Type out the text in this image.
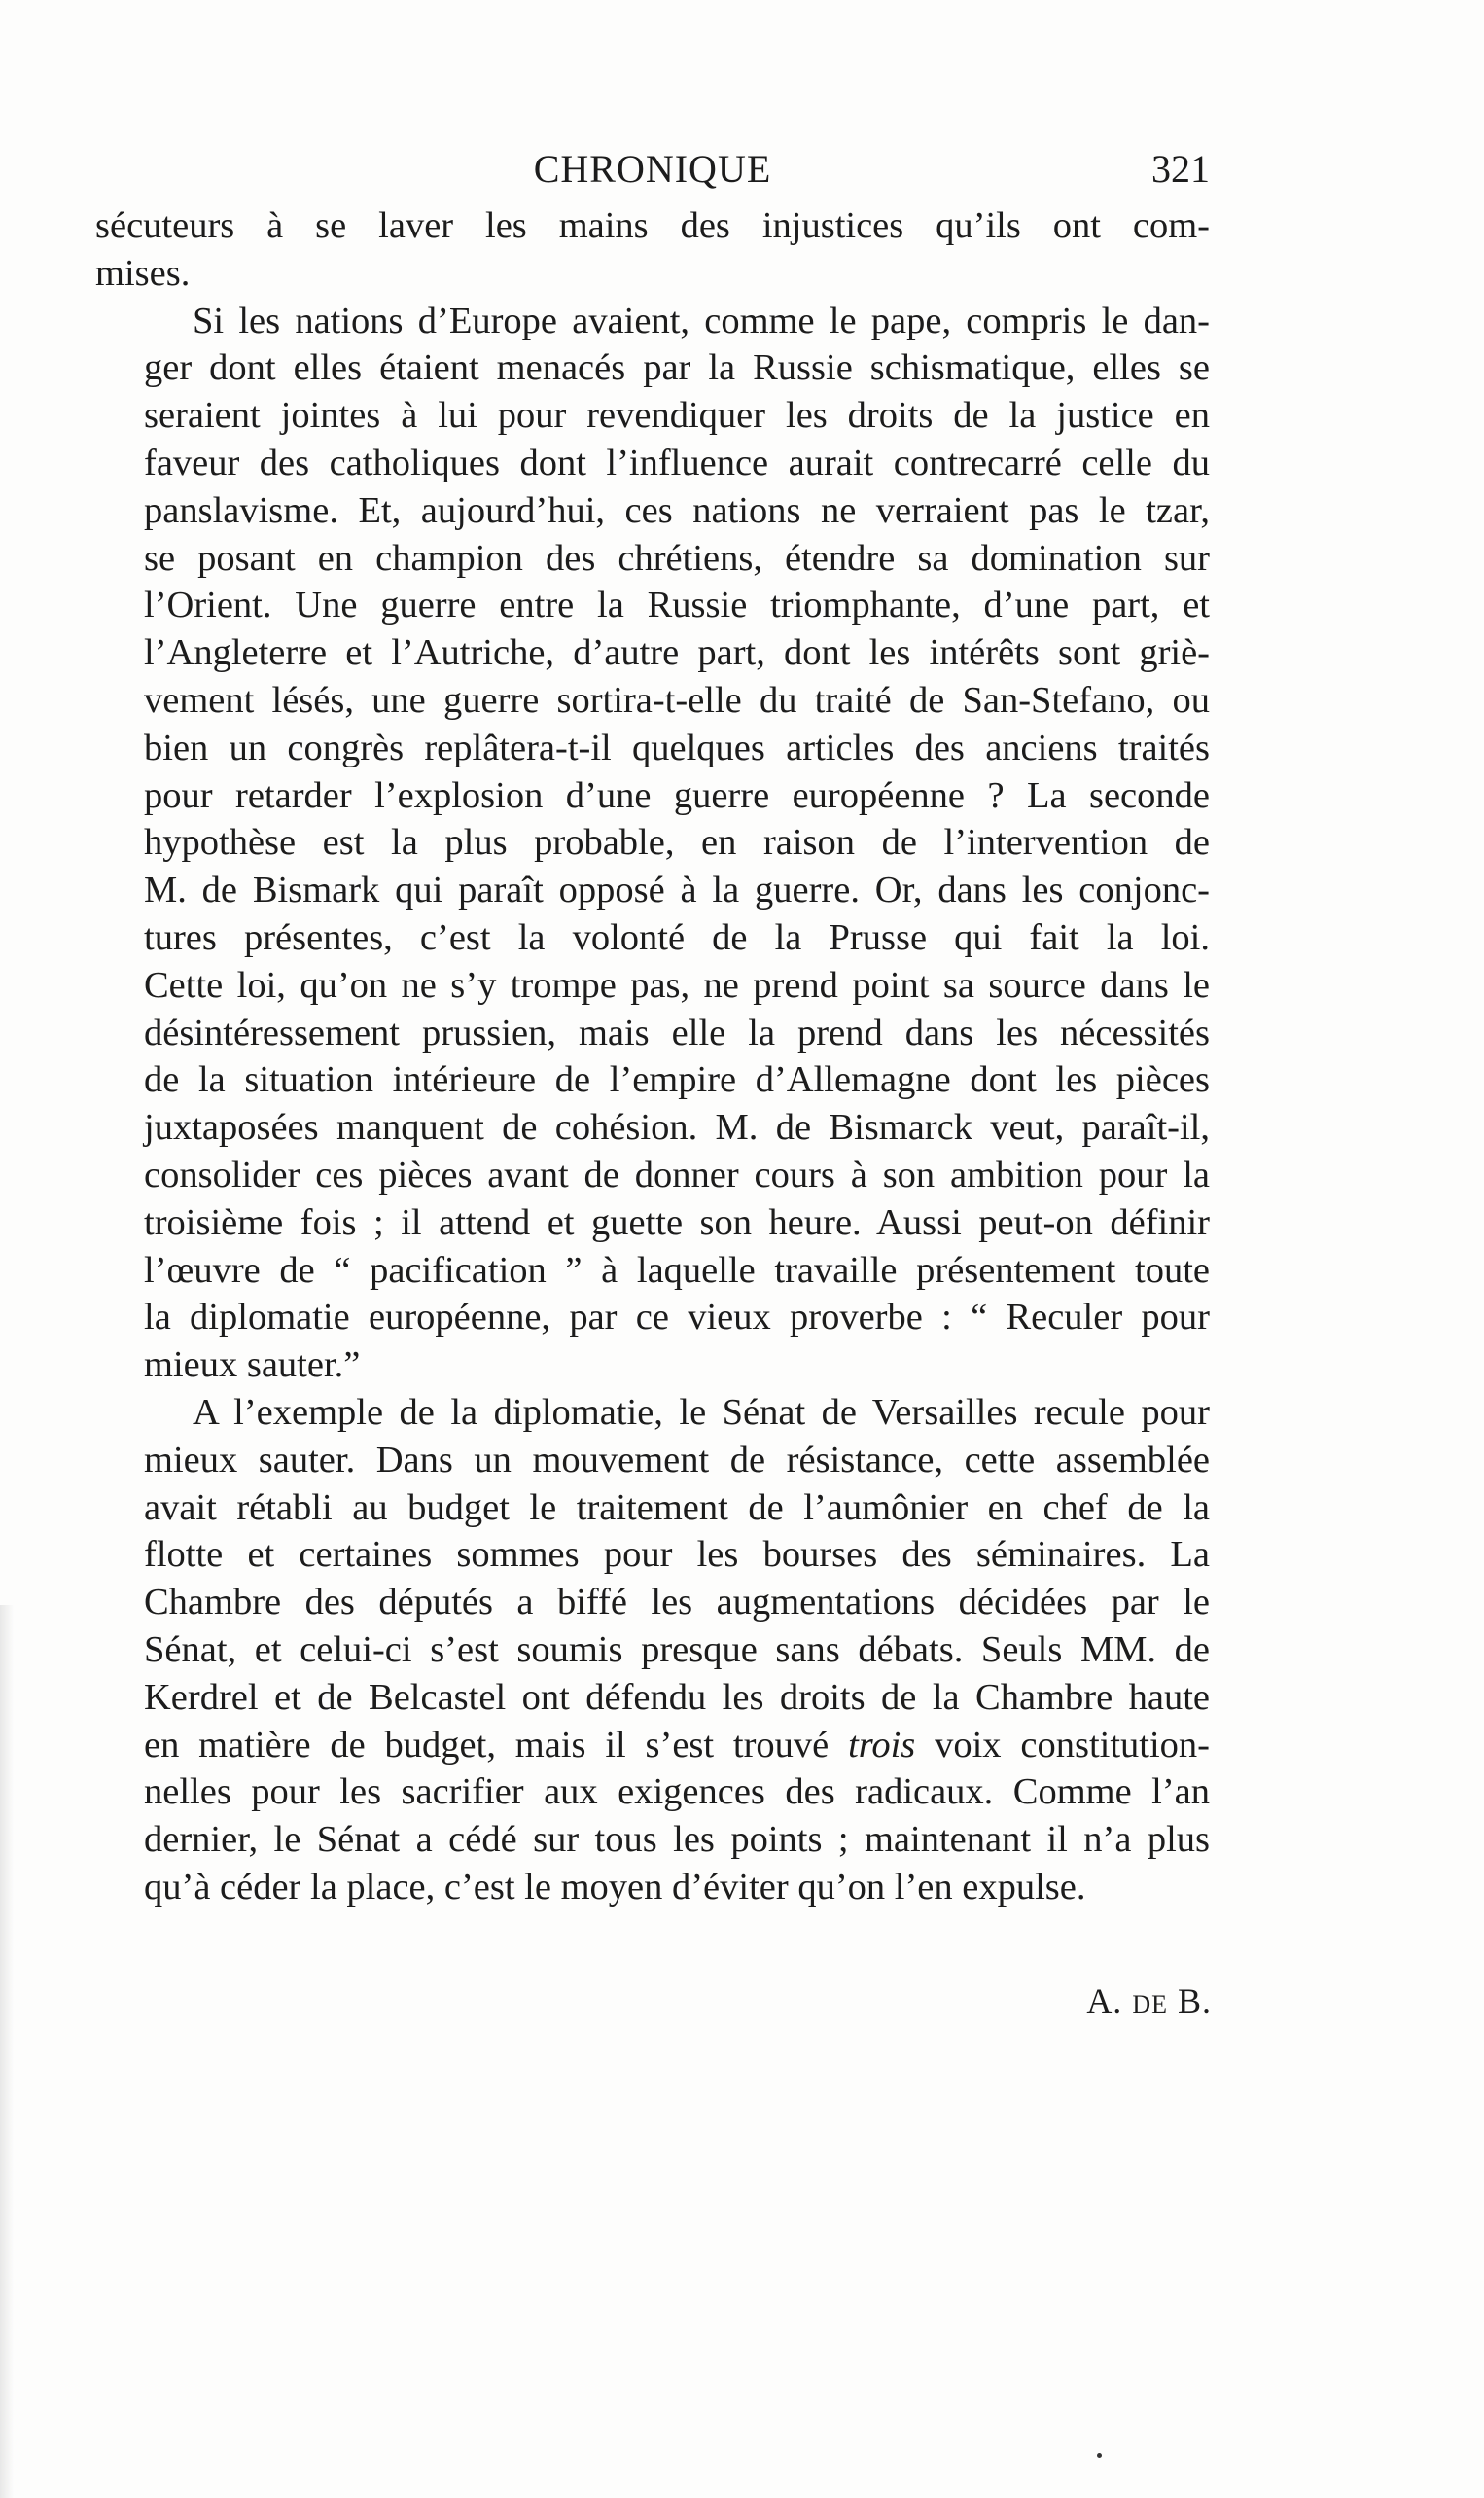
CHRONIQUE	321

sécuteurs à se laver les mains des injustices qu’ils ont com-
mises.

Si les nations d’Europe avaient, comme le pape, compris le dan-
ger dont elles étaient menacés par la Russie schismatique, elles se
seraient jointes à lui pour revendiquer les droits de la justice en
faveur des catholiques dont l’influence aurait contrecarré celle du
panslavisme. Et, aujourd’hui, ces nations ne verraient pas le tzar,
se posant en champion des chrétiens, étendre sa domination sur
l’Orient. Une guerre entre la Russie triomphante, d’une part, et
l’Angleterre et l’Autriche, d’autre part, dont les intérêts sont griè-
vement lésés, une guerre sortira-t-elle du traité de San-Stefano, ou
bien un congrès replâtera-t-il quelques articles des anciens traités
pour retarder l’explosion d’une guerre européenne ? La seconde
hypothèse est la plus probable, en raison de l’intervention de
M. de Bismark qui paraît opposé à la guerre. Or, dans les conjonc-
tures présentes, c’est la volonté de la Prusse qui fait la loi.
Cette loi, qu’on ne s’y trompe pas, ne prend point sa source dans le
désintéressement prussien, mais elle la prend dans les nécessités
de la situation intérieure de l’empire d’Allemagne dont les pièces
juxtaposées manquent de cohésion. M. de Bismarck veut, paraît-il,
consolider ces pièces avant de donner cours à son ambition pour la
troisième fois ; il attend et guette son heure. Aussi peut-on définir
l’œuvre de “ pacification ” à laquelle travaille présentement toute
la diplomatie européenne, par ce vieux proverbe : “ Reculer pour
mieux sauter.”

A l’exemple de la diplomatie, le Sénat de Versailles recule pour
mieux sauter. Dans un mouvement de résistance, cette assemblée
avait rétabli au budget le traitement de l’aumônier en chef de la
flotte et certaines sommes pour les bourses des séminaires. La
Chambre des députés a biffé les augmentations décidées par le
Sénat, et celui-ci s’est soumis presque sans débats. Seuls MM. de
Kerdrel et de Belcastel ont défendu les droits de la Chambre haute
en matière de budget, mais il s’est trouvé trois voix constitution-
nelles pour les sacrifier aux exigences des radicaux. Comme l’an
dernier, le Sénat a cédé sur tous les points ; maintenant il n’a plus
qu’à céder la place, c’est le moyen d’éviter qu’on l’en expulse.

A. DE B.
